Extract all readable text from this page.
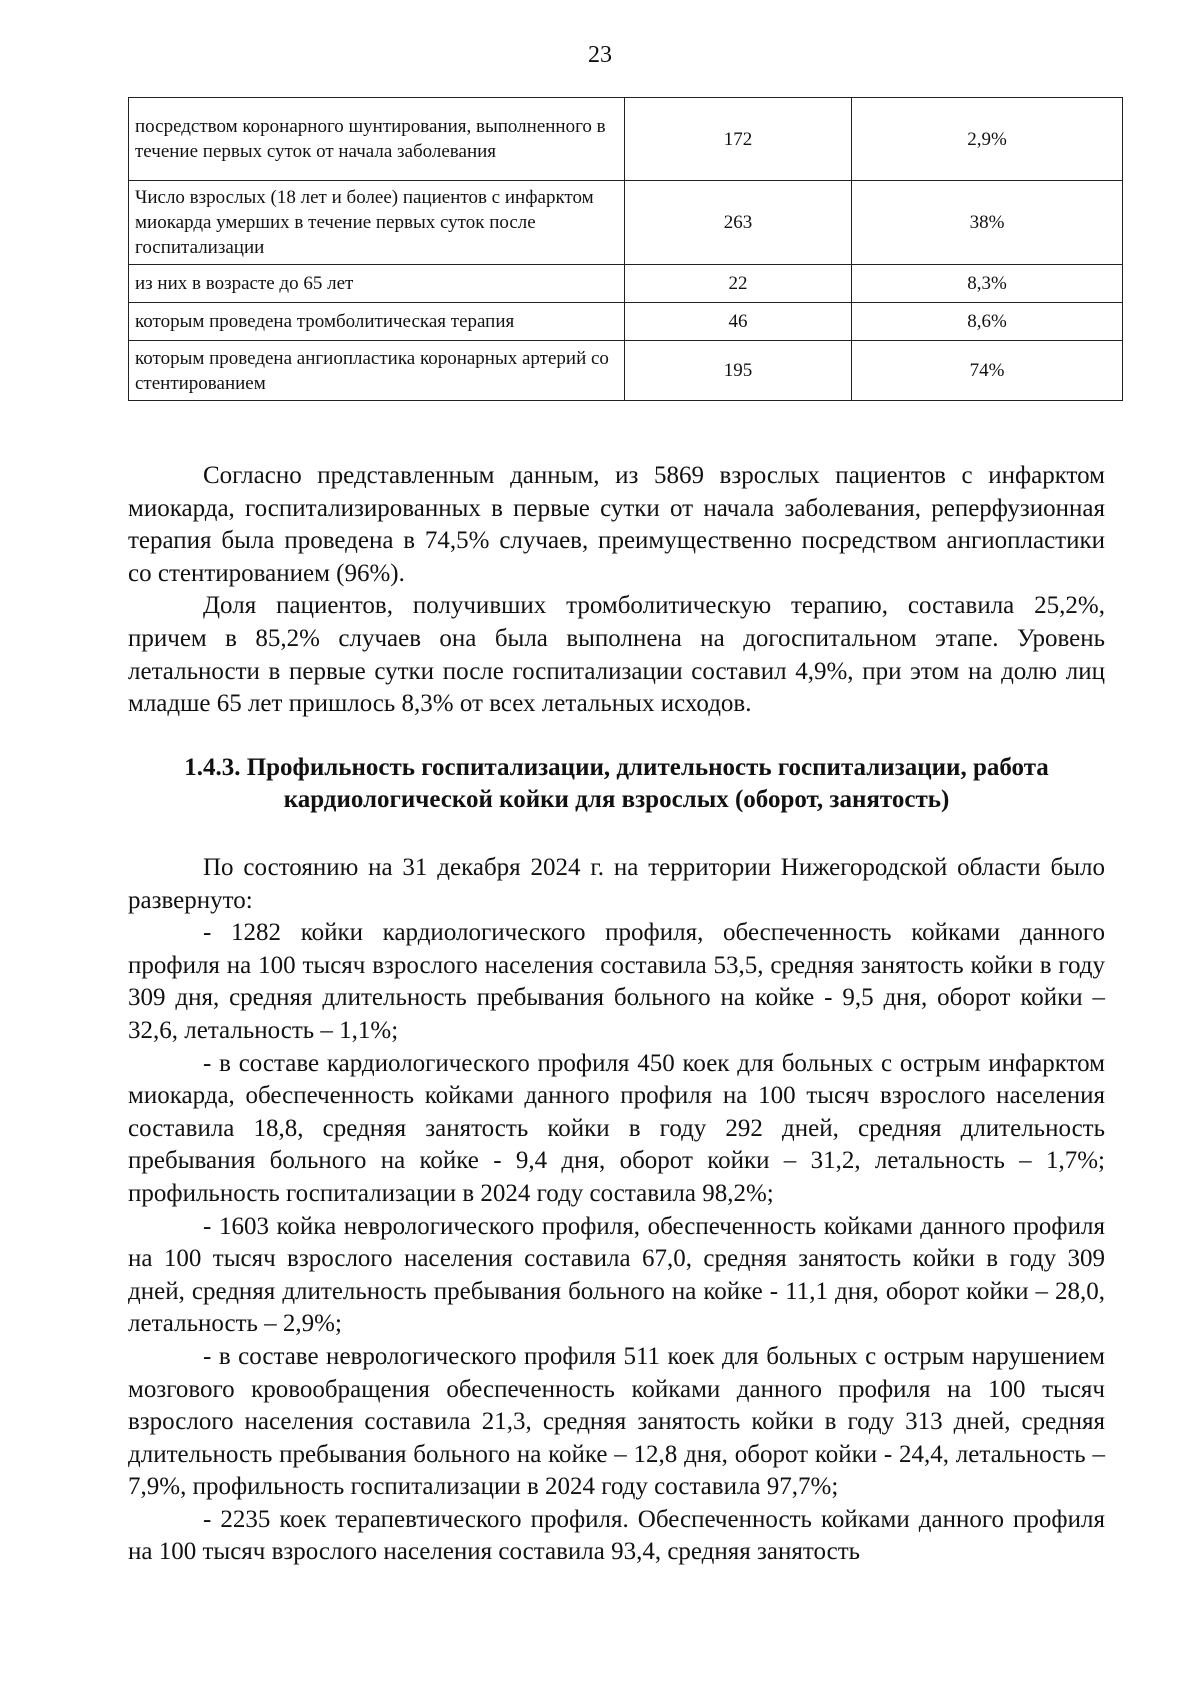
23
посредством коронарного шунтирования, выполненного в течение первых суток от начала заболевания	172	2,9%
Число взрослых (18 лет и более) пациентов с инфарктом миокарда умерших в течение первых суток после госпитализации	263	38%
из них в возрасте до 65 лет	22	8,3%
которым проведена тромболитическая терапия	46	8,6%
которым проведена ангиопластика коронарных артерий со стентированием	195	74%

Согласно представленным данным, из 5869 взрослых пациентов с инфарктом миокарда, госпитализированных в первые сутки от начала заболевания, реперфузионная терапия была проведена в 74,5% случаев, преимущественно посредством ангиопластики со стентированием (96%).

Доля пациентов, получивших тромболитическую терапию, составила 25,2%, причем в 85,2% случаев она была выполнена на догоспитальном этапе. Уровень летальности в первые сутки после госпитализации составил 4,9%, при этом на долю лиц младше 65 лет пришлось 8,3% от всех летальных исходов.

1.4.3. Профильность госпитализации, длительность госпитализации, работа кардиологической койки для взрослых (оборот, занятость)

По состоянию на 31 декабря 2024 г. на территории Нижегородской области было развернуто:

- 1282 койки кардиологического профиля, обеспеченность койками данного профиля на 100 тысяч взрослого населения составила 53,5, средняя занятость койки в году 309 дня, средняя длительность пребывания больного на койке - 9,5 дня, оборот койки – 32,6, летальность – 1,1%;

- в составе кардиологического профиля 450 коек для больных с острым инфарктом миокарда, обеспеченность койками данного профиля на 100 тысяч взрослого населения составила 18,8, средняя занятость койки в году 292 дней, средняя длительность пребывания больного на койке - 9,4 дня, оборот койки – 31,2, летальность – 1,7%; профильность госпитализации в 2024 году составила 98,2%;

- 1603 койка неврологического профиля, обеспеченность койками данного профиля на 100 тысяч взрослого населения составила 67,0, средняя занятость койки в году 309 дней, средняя длительность пребывания больного на койке - 11,1 дня, оборот койки – 28,0, летальность – 2,9%;

- в составе неврологического профиля 511 коек для больных с острым нарушением мозгового кровообращения обеспеченность койками данного профиля на 100 тысяч взрослого населения составила 21,3, средняя занятость койки в году 313 дней, средняя длительность пребывания больного на койке – 12,8 дня, оборот койки - 24,4, летальность – 7,9%, профильность госпитализации в 2024 году составила 97,7%;

- 2235 коек терапевтического профиля. Обеспеченность койками данного профиля на 100 тысяч взрослого населения составила 93,4, средняя занятость
